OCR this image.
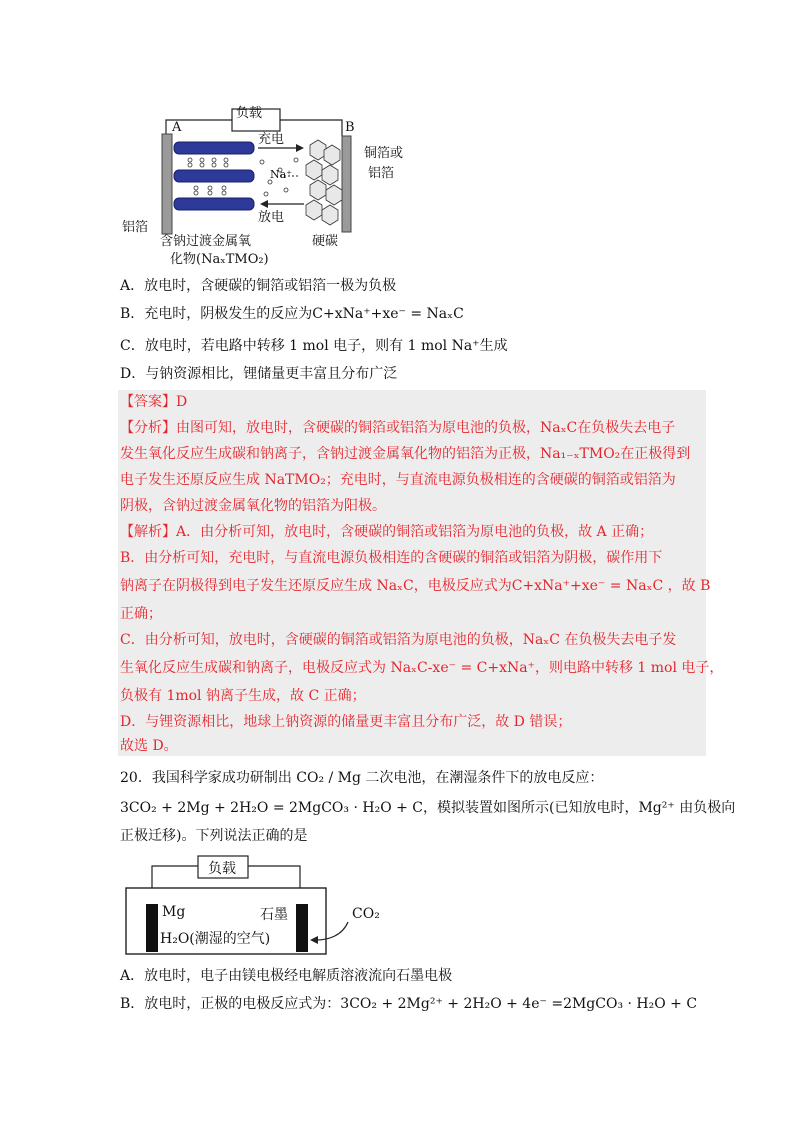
负载
A	B
充电
Na⁺
放电
铜箔或
铝箔
铝箔
含钠过渡金属氧
化物(NaₓTMO₂)
硬碳
A．放电时，含硬碳的铜箔或铝箔一极为负极
B．充电时，阴极发生的反应为C+xNa⁺+xe⁻ = NaₓC
C．放电时，若电路中转移 1 mol 电子，则有 1 mol Na⁺生成
D．与钠资源相比，锂储量更丰富且分布广泛
【答案】D
【分析】由图可知，放电时，含硬碳的铜箔或铝箔为原电池的负极，NaₓC在负极失去电子
发生氧化反应生成碳和钠离子，含钠过渡金属氧化物的铝箔为正极，Na₁₋ₓTMO₂在正极得到
电子发生还原反应生成 NaTMO₂；充电时，与直流电源负极相连的含硬碳的铜箔或铝箔为
阴极，含钠过渡金属氧化物的铝箔为阳极。
【解析】A．由分析可知，放电时，含硬碳的铜箔或铝箔为原电池的负极，故 A 正确；
B．由分析可知，充电时，与直流电源负极相连的含硬碳的铜箔或铝箔为阴极，碳作用下
钠离子在阴极得到电子发生还原反应生成 NaₓC，电极反应式为C+xNa⁺+xe⁻ = NaₓC ，故 B
正确；
C．由分析可知，放电时，含硬碳的铜箔或铝箔为原电池的负极，NaₓC 在负极失去电子发
生氧化反应生成碳和钠离子，电极反应式为 NaₓC-xe⁻ = C+xNa⁺，则电路中转移 1 mol 电子，
负极有 1mol 钠离子生成，故 C 正确；
D．与锂资源相比，地球上钠资源的储量更丰富且分布广泛，故 D 错误；
故选 D。
20．我国科学家成功研制出 CO₂ / Mg 二次电池，在潮湿条件下的放电反应：
3CO₂ + 2Mg + 2H₂O = 2MgCO₃ · H₂O + C，模拟装置如图所示(已知放电时，Mg²⁺ 由负极向
正极迁移)。下列说法正确的是
负载
Mg	石墨
H₂O(潮湿的空气)
CO₂
A．放电时，电子由镁电极经电解质溶液流向石墨电极
B．放电时，正极的电极反应式为：3CO₂ + 2Mg²⁺ + 2H₂O + 4e⁻ =2MgCO₃ · H₂O + C
